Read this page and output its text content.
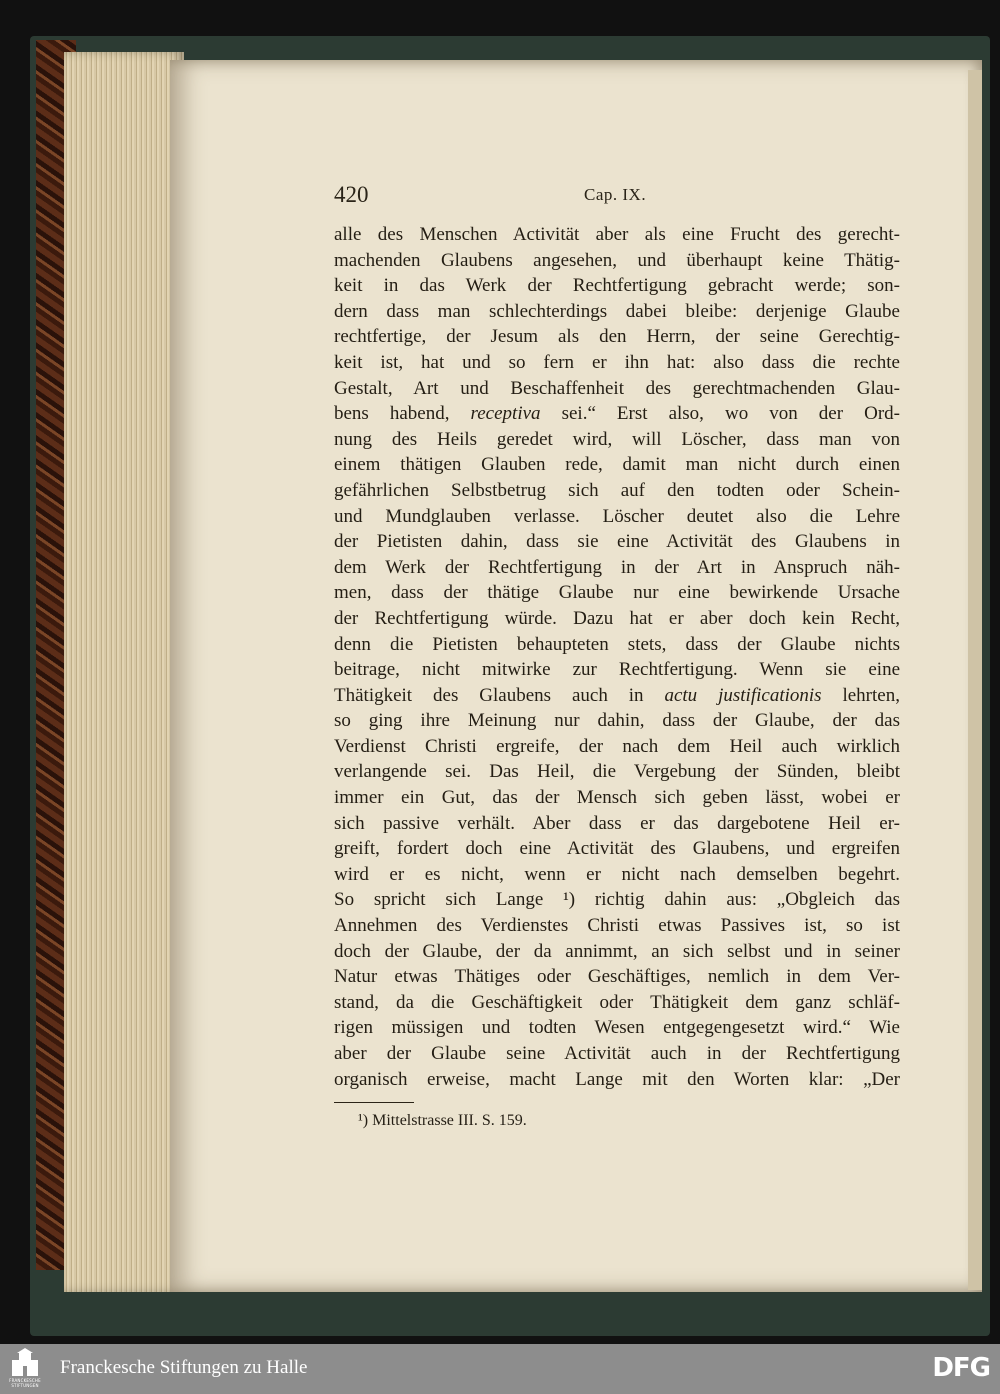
420	Cap. IX.
alle des Menschen Activität aber als eine Frucht des gerecht-
machenden Glaubens angesehen, und überhaupt keine Thätig-
keit in das Werk der Rechtfertigung gebracht werde; son-
dern dass man schlechterdings dabei bleibe: derjenige Glaube
rechtfertige, der Jesum als den Herrn, der seine Gerechtig-
keit ist, hat und so fern er ihn hat: also dass die rechte
Gestalt, Art und Beschaffenheit des gerechtmachenden Glau-
bens habend, receptiva sei.“ Erst also, wo von der Ord-
nung des Heils geredet wird, will Löscher, dass man von
einem thätigen Glauben rede, damit man nicht durch einen
gefährlichen Selbstbetrug sich auf den todten oder Schein-
und Mundglauben verlasse. Löscher deutet also die Lehre
der Pietisten dahin, dass sie eine Activität des Glaubens in
dem Werk der Rechtfertigung in der Art in Anspruch näh-
men, dass der thätige Glaube nur eine bewirkende Ursache
der Rechtfertigung würde. Dazu hat er aber doch kein Recht,
denn die Pietisten behaupteten stets, dass der Glaube nichts
beitrage, nicht mitwirke zur Rechtfertigung. Wenn sie eine
Thätigkeit des Glaubens auch in actu justificationis lehrten,
so ging ihre Meinung nur dahin, dass der Glaube, der das
Verdienst Christi ergreife, der nach dem Heil auch wirklich
verlangende sei. Das Heil, die Vergebung der Sünden, bleibt
immer ein Gut, das der Mensch sich geben lässt, wobei er
sich passive verhält. Aber dass er das dargebotene Heil er-
greift, fordert doch eine Activität des Glaubens, und ergreifen
wird er es nicht, wenn er nicht nach demselben begehrt.
So spricht sich Lange ¹) richtig dahin aus: „Obgleich das
Annehmen des Verdienstes Christi etwas Passives ist, so ist
doch der Glaube, der da annimmt, an sich selbst und in seiner
Natur etwas Thätiges oder Geschäftiges, nemlich in dem Ver-
stand, da die Geschäftigkeit oder Thätigkeit dem ganz schläf-
rigen müssigen und todten Wesen entgegengesetzt wird.“ Wie
aber der Glaube seine Activität auch in der Rechtfertigung
organisch erweise, macht Lange mit den Worten klar: „Der
¹) Mittelstrasse III. S. 159.
FRANCKESCHE STIFTUNGEN
Franckesche Stiftungen zu Halle	DFG
